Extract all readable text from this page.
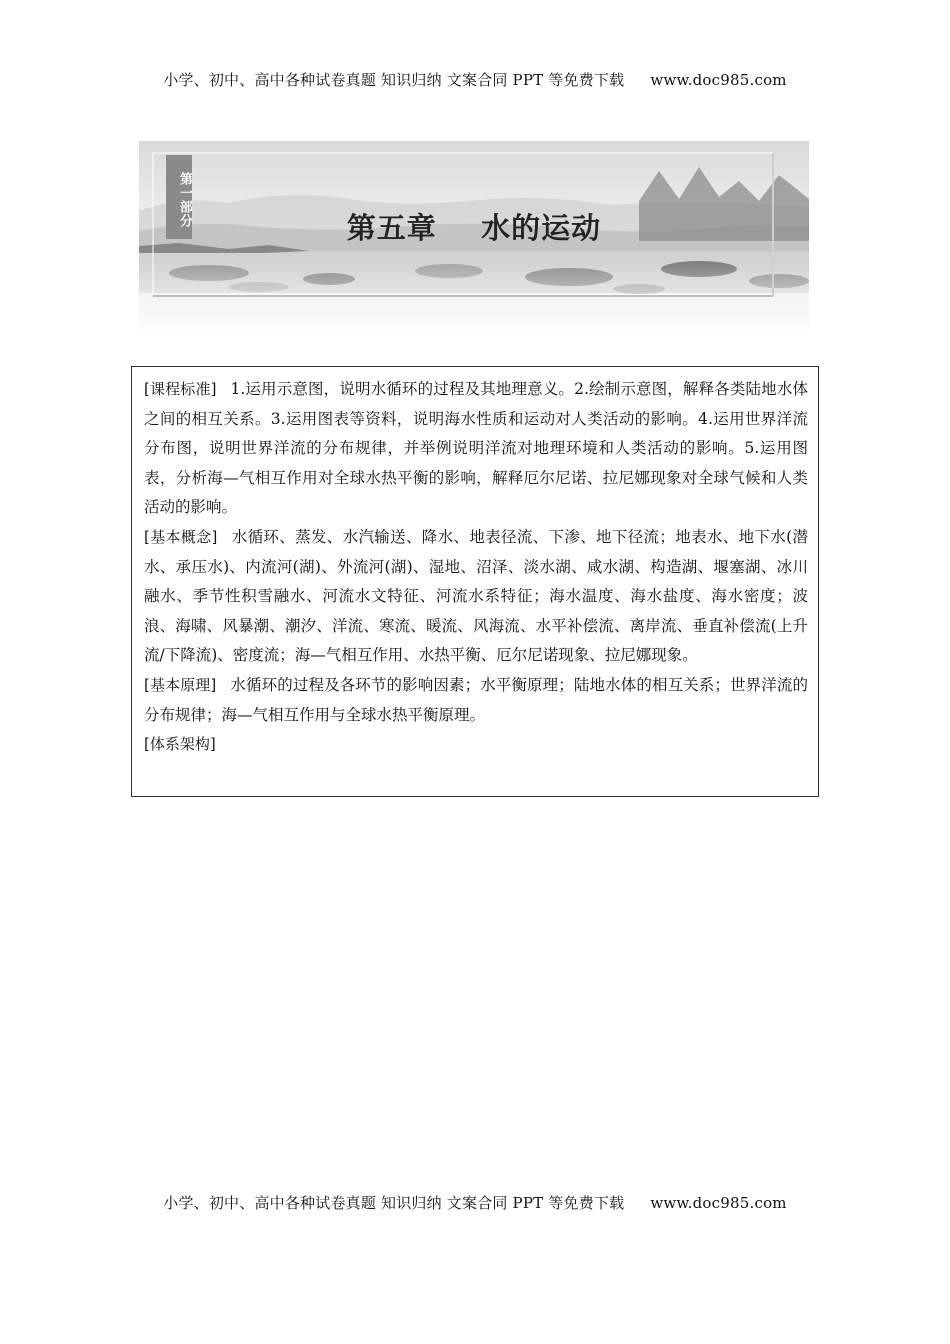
小学、初中、高中各种试卷真题 知识归纳 文案合同 PPT 等免费下载 www.doc985.com
第一部分	第五章    水的运动

[课程标准] 1.运用示意图，说明水循环的过程及其地理意义。2.绘制示意图，解释各类陆地水体之间的相互关系。3.运用图表等资料，说明海水性质和运动对人类活动的影响。4.运用世界洋流分布图，说明世界洋流的分布规律，并举例说明洋流对地理环境和人类活动的影响。5.运用图表，分析海—气相互作用对全球水热平衡的影响，解释厄尔尼诺、拉尼娜现象对全球气候和人类活动的影响。

[基本概念] 水循环、蒸发、水汽输送、降水、地表径流、下渗、地下径流；地表水、地下水(潜水、承压水)、内流河(湖)、外流河(湖)、湿地、沼泽、淡水湖、咸水湖、构造湖、堰塞湖、冰川融水、季节性积雪融水、河流水文特征、河流水系特征；海水温度、海水盐度、海水密度；波浪、海啸、风暴潮、潮汐、洋流、寒流、暖流、风海流、水平补偿流、离岸流、垂直补偿流(上升流/下降流)、密度流；海—气相互作用、水热平衡、厄尔尼诺现象、拉尼娜现象。

[基本原理] 水循环的过程及各环节的影响因素；水平衡原理；陆地水体的相互关系；世界洋流的分布规律；海—气相互作用与全球水热平衡原理。

[体系架构]

小学、初中、高中各种试卷真题 知识归纳 文案合同 PPT 等免费下载 www.doc985.com
